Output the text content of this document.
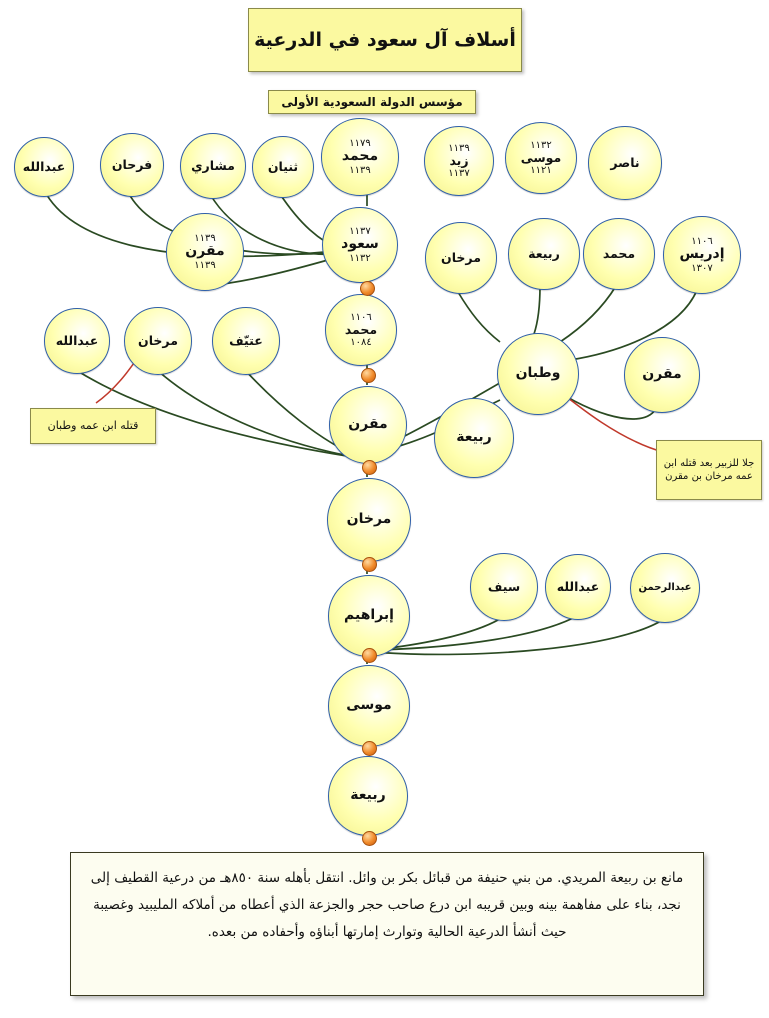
أسلاف آل سعود في الدرعية
مؤسس الدولة السعودية الأولى
قتله ابن عمه وطبان
جلا للزبير بعد قتله ابن عمه مرخان بن مقرن
مانع بن ربيعة المريدي. من بني حنيفة من قبائل بكر بن وائل. انتقل بأهله سنة ٨٥٠هـ من درعية القطيف إلى نجد، بناء على مفاهمة بينه وبين قريبه ابن درع صاحب حجر والجزعة الذي أعطاه من أملاكه المليبيد وغصيبة حيث أنشأ الدرعية الحالية وتوارث إمارتها أبناؤه وأحفاده من بعده.
عبدالله	فرحان	مشاري	ثنيان
١١٧٩
محمد
١١٣٩
١١٣٩
زيد
١١٣٧
١١٣٢
موسى
١١٢١
ناصر
١١٣٩
مقرن
١١٣٩
١١٣٧
سعود
١١٣٢	مرخان	ربيعة	محمد
١١٠٦
إدريس
١٣٠٧
١١٠٦
محمد
١٠٨٤
عبدالله	مرخان	عتيّف
وطبان	مقرن
مقرن
ربيعة
مرخان
إبراهيم
سيف	عبدالله	عبدالرحمن
موسى
ربيعة
